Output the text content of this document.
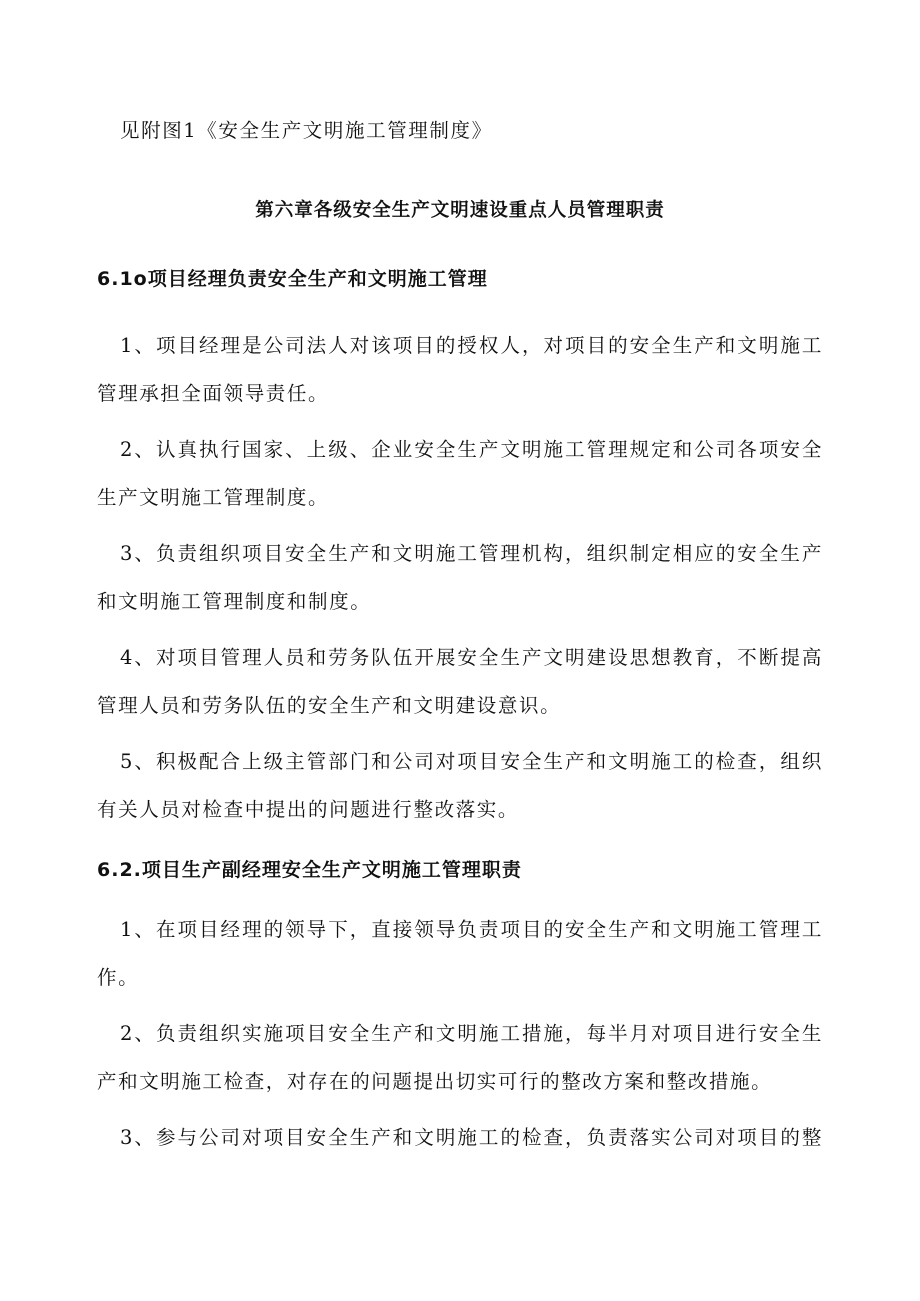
见附图1《安全生产文明施工管理制度》
第六章各级安全生产文明速设重点人员管理职责
6.1o项目经理负责安全生产和文明施工管理
1、项目经理是公司法人对该项目的授权人，对项目的安全生产和文明施工
管理承担全面领导责任。
2、认真执行国家、上级、企业安全生产文明施工管理规定和公司各项安全
生产文明施工管理制度。
3、负责组织项目安全生产和文明施工管理机构，组织制定相应的安全生产
和文明施工管理制度和制度。
4、对项目管理人员和劳务队伍开展安全生产文明建设思想教育，不断提高
管理人员和劳务队伍的安全生产和文明建设意识。
5、积极配合上级主管部门和公司对项目安全生产和文明施工的检查，组织
有关人员对检查中提出的问题进行整改落实。
6.2.项目生产副经理安全生产文明施工管理职责
1、在项目经理的领导下，直接领导负责项目的安全生产和文明施工管理工
作。
2、负责组织实施项目安全生产和文明施工措施，每半月对项目进行安全生
产和文明施工检查，对存在的问题提出切实可行的整改方案和整改措施。
3、参与公司对项目安全生产和文明施工的检查，负责落实公司对项目的整
